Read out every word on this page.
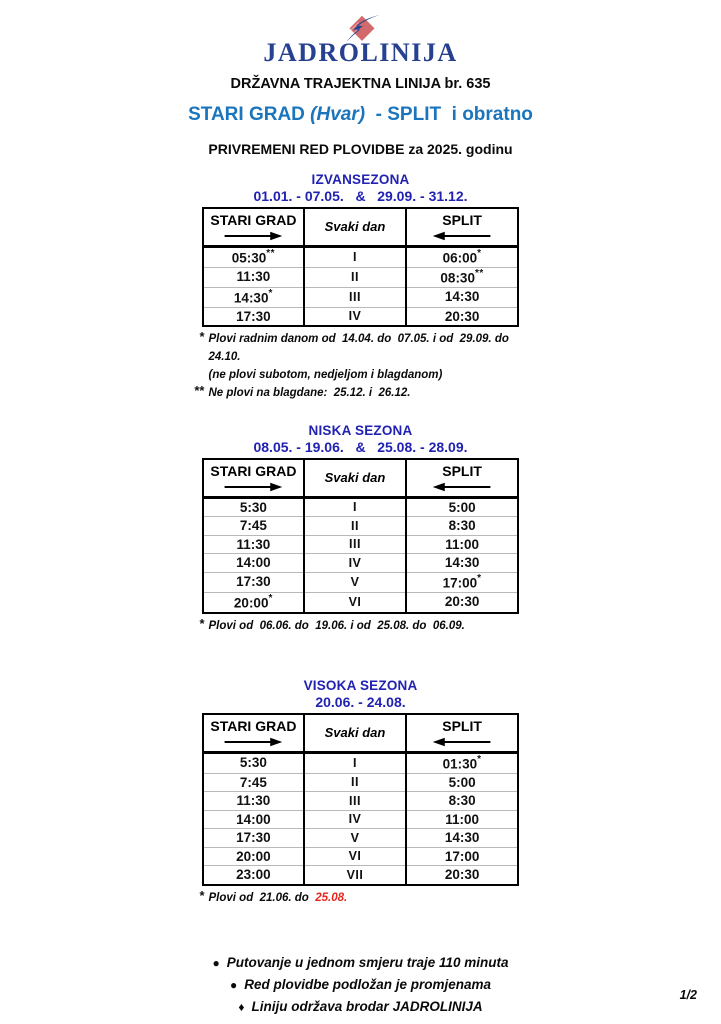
JADROLINIJA
DRŽAVNA TRAJEKTNA LINIJA br. 635
STARI GRAD (Hvar)  - SPLIT  i obratno
PRIVREMENI RED PLOVIDBE za 2025. godinu
IZVANSEZONA
01.01. - 07.05.   &   29.09. - 31.12.
STARI GRAD	Svaki dan	SPLIT

05:30**	I	06:00*
11:30	II	08:30**
14:30*	III	14:30
17:30	IV	20:30
* Plovi radnim danom od  14.04. do  07.05. i od  29.09. do  24.10.
(ne plovi subotom, nedjeljom i blagdanom)
** Ne plovi na blagdane:  25.12. i  26.12.
NISKA SEZONA
08.05. - 19.06.   &   25.08. - 28.09.
STARI GRAD	Svaki dan	SPLIT

5:30	I	5:00
7:45	II	8:30
11:30	III	11:00
14:00	IV	14:30
17:30	V	17:00*
20:00*	VI	20:30
* Plovi od  06.06. do  19.06. i od  25.08. do  06.09.
VISOKA SEZONA
20.06. - 24.08.
STARI GRAD	Svaki dan	SPLIT

5:30	I	01:30*
7:45	II	5:00
11:30	III	8:30
14:00	IV	11:00
17:30	V	14:30
20:00	VI	17:00
23:00	VII	20:30
* Plovi od  21.06. do  25.08.
● Putovanje u jednom smjeru traje 110 minuta
● Red plovidbe podložan je promjenama
♦ Liniju održava brodar JADROLINIJA
1/2
